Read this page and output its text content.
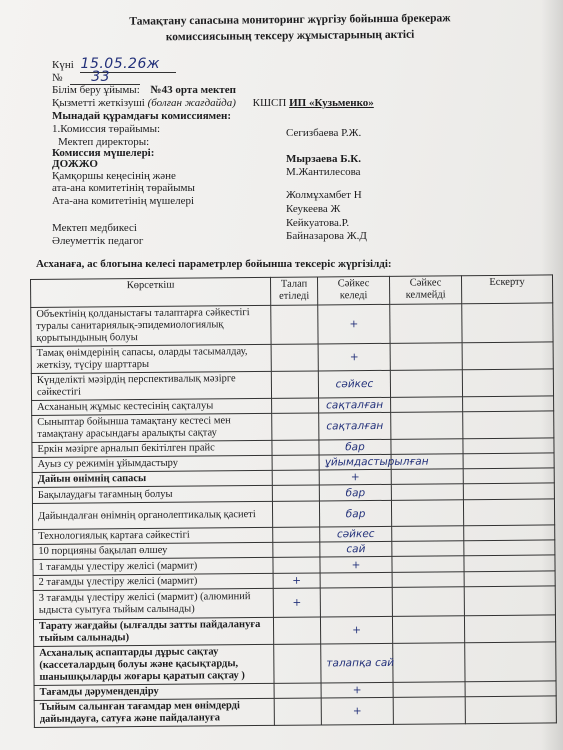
Тамақтану сапасына мониторинг жүргізу бойынша брекераж
комиссиясының тексеру жұмыстарының актісі
Күні 15.05.26ж
№ 33
Білім беру ұйымы: №43 орта мектеп
Қызметті жеткізуші (болған жағдайда) КШСП ИП «Кузьменко»
Мынадай құрамдағы комиссиямен:
1.Комиссия төрайымы:
Мектеп директоры:
Сегизбаева Р.Ж.
Комиссия мүшелері:
ДОЖЖО	Мырзаева Б.К.
Қамқоршы кеңесінің және	М.Жантилесова
ата-ана комитетінің төрайымы
Ата-ана комитетінің мүшелері	Жолмұхамбет Н
Кеукеева Ж
Мектеп медбикесі	Кейкуатова.Р.
Әлеуметтік педагог	Байназарова Ж.Д
Асханаға, ас блогына келесі параметрлер бойынша тексеріс жүргізілді:
Көрсеткіш	Талап етіледі	Сәйкес келеді	Сәйкес келмейді	Ескерту
Объектінің қолданыстағы талаптарға сәйкестігі туралы санитариялық-эпидемиологиялық қорытындының болуы		+		
Тамақ өнімдерінің сапасы, оларды тасымалдау, жеткізу, түсіру шарттары		+		
Күнделікті мәзірдің перспективалық мәзірге сәйкестігі		сәйкес		
Асхананың жұмыс кестесінің сақталуы		сақталған		
Сыныптар бойынша тамақтану кестесі мен тамақтану арасындағы аралықты сақтау		сақталған		
Еркін мәзірге арналып бекітілген прайс		бар		
Ауыз су режимін ұйымдастыру		ұйымдастырылған		
Дайын өнімнің сапасы		+		
Бақылаудағы тағамның болуы		бар		
Дайындалған өнімнің органолептикалық қасиеті		бар		
Технологиялық картаға сәйкестігі		сәйкес		
10 порцияны бақылап өлшеу		сай		
1 тағамды үлестіру желісі (мармит)		+		
2 тағамды үлестіру желісі (мармит)	+			
3 тағамды үлестіру желісі (мармит) (алюминий ыдыста суытуға тыйым салынады)	+			
Тарату жағдайы (ылғалды затты пайдалануға тыйым салынады)		+		
Асханалық аспаптарды дұрыс сақтау (кассеталардың болуы және қасықтарды, шанышқыларды жоғары қаратып сақтау )		талапқа сай		
Тағамды дәрумендендіру		+		
Тыйым салынған тағамдар мен өнімдерді дайындауға, сатуға және пайдалануға		+		
